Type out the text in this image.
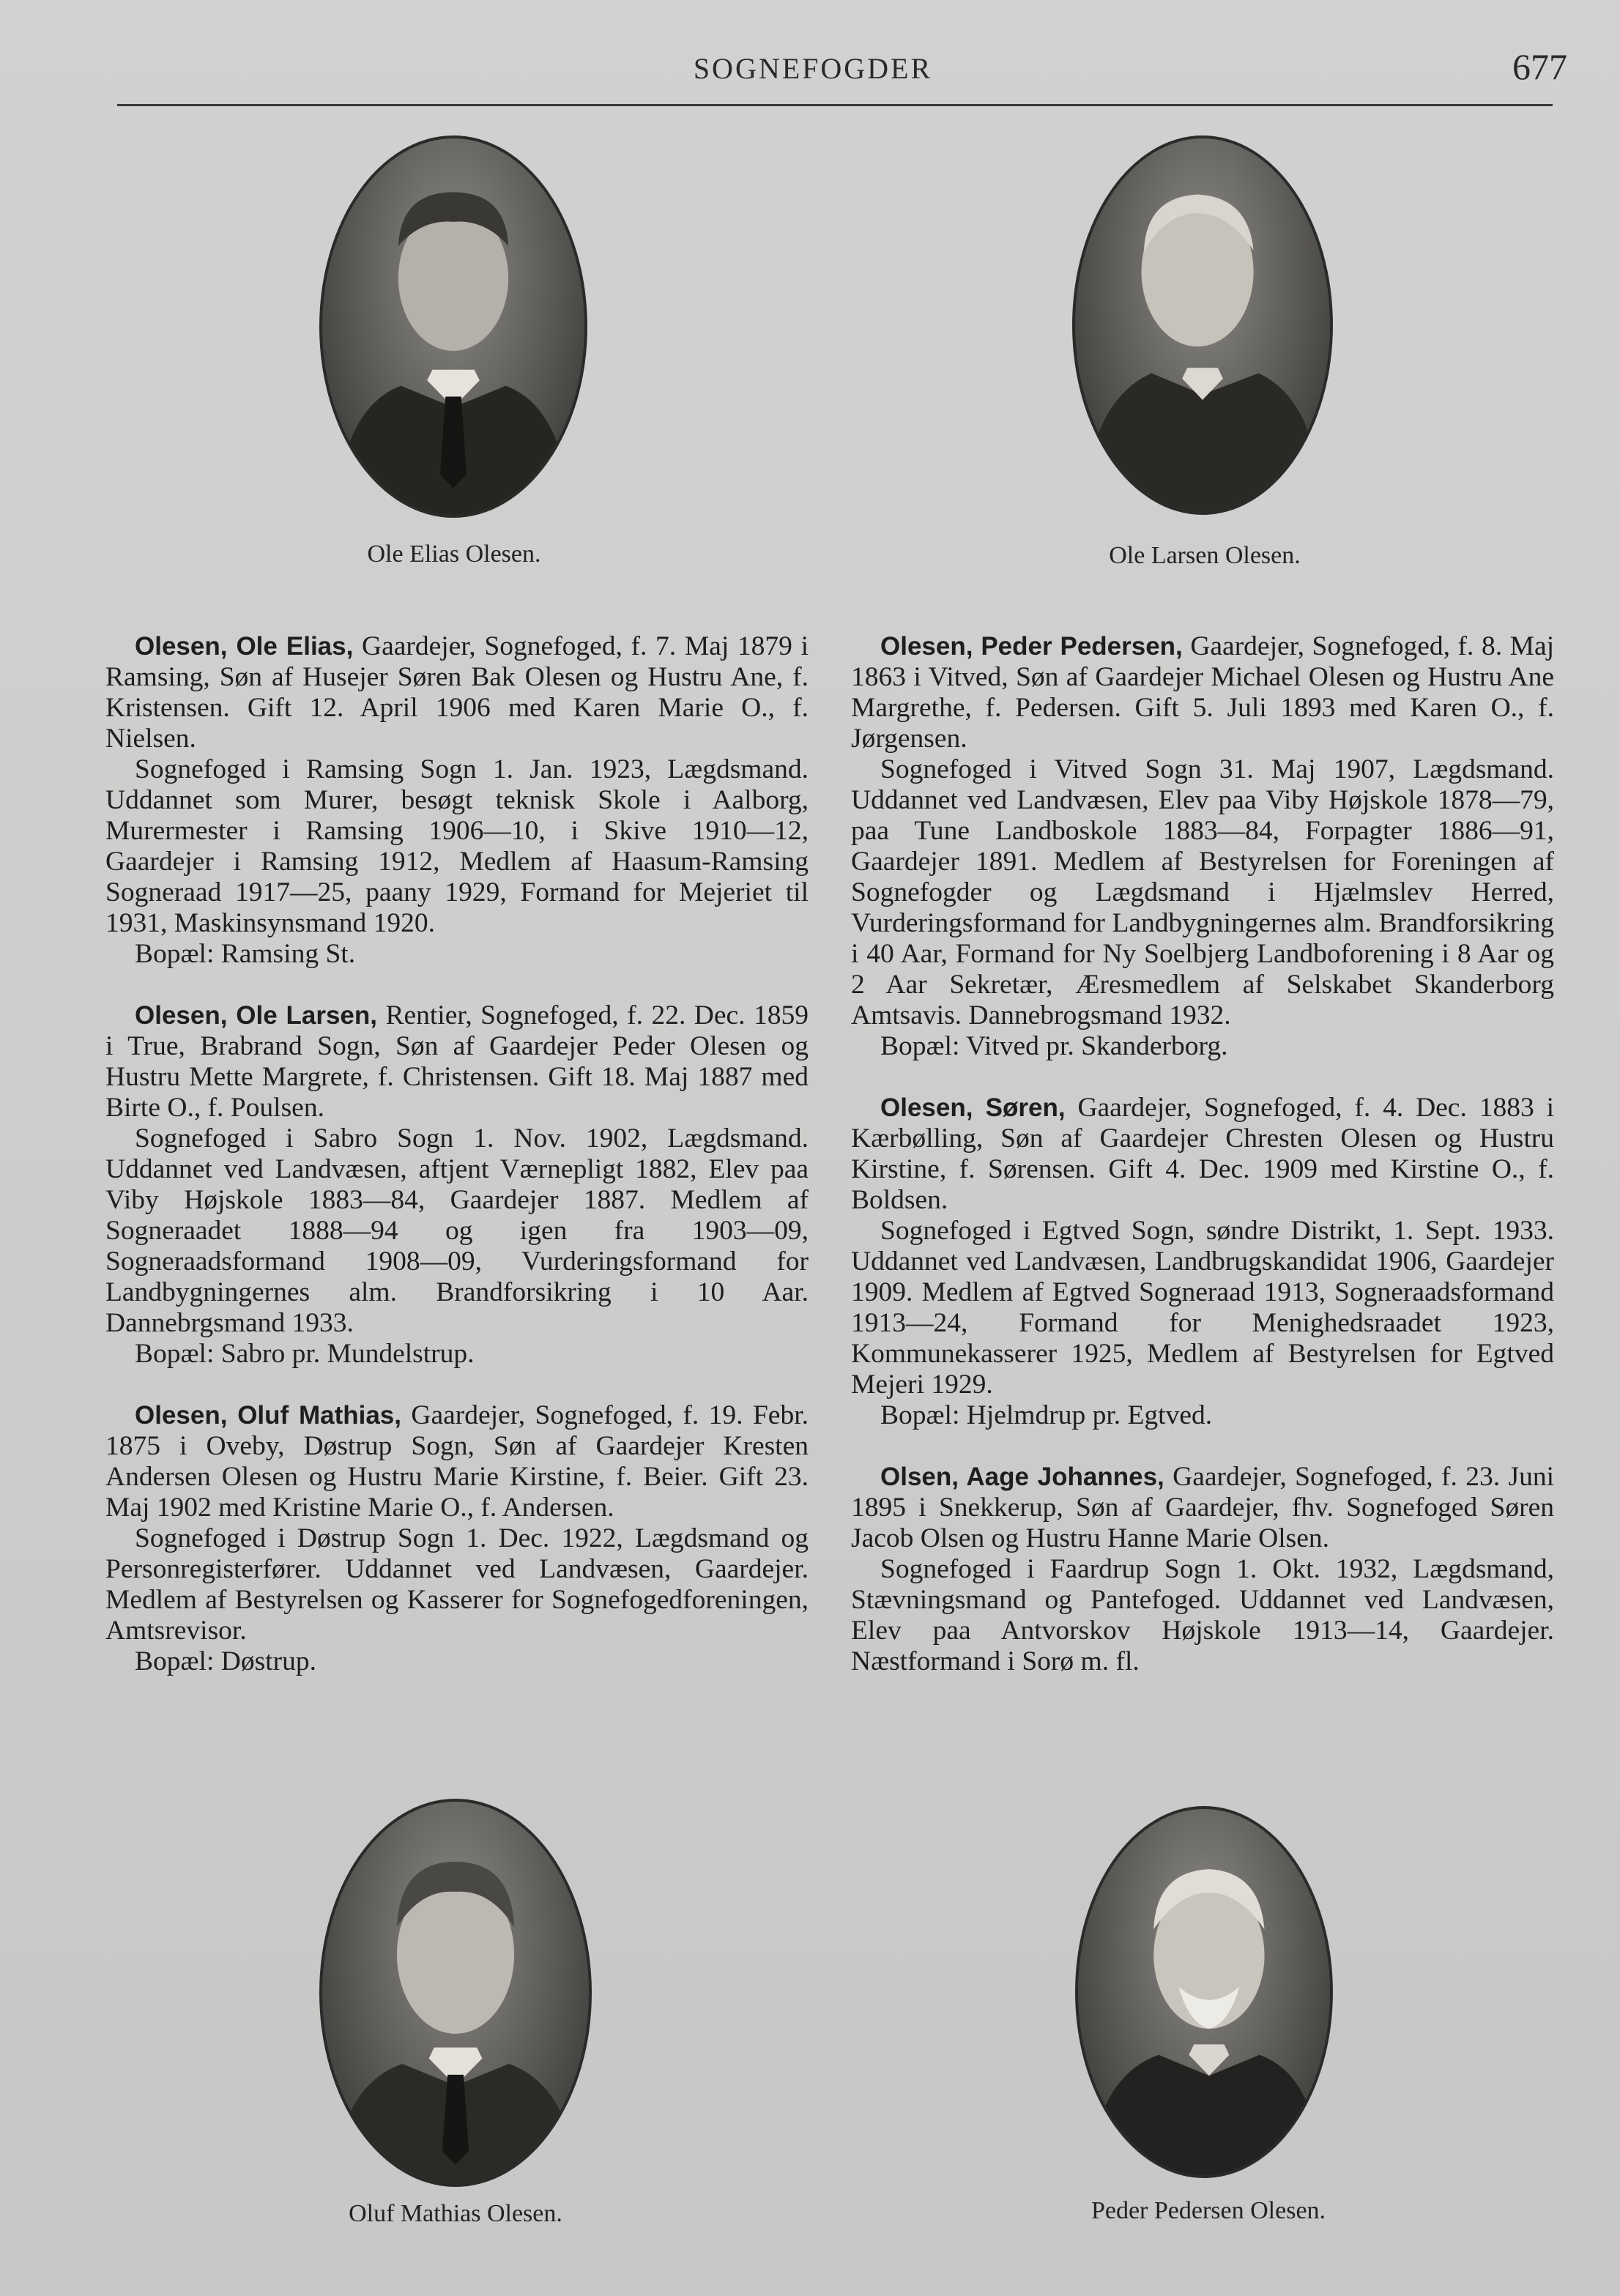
SOGNEFOGDER	677
Ole Elias Olesen.	Ole Larsen Olesen.

Olesen, Ole Elias, Gaardejer, Sognefoged, f. 7. Maj 1879 i Ramsing, Søn af Husejer Søren Bak Olesen og Hustru Ane, f. Kristensen. Gift 12. April 1906 med Karen Marie O., f. Nielsen.

Sognefoged i Ramsing Sogn 1. Jan. 1923, Lægdsmand. Uddannet som Murer, besøgt teknisk Skole i Aalborg, Murermester i Ramsing 1906—10, i Skive 1910—12, Gaardejer i Ramsing 1912, Medlem af Haasum-Ramsing Sogneraad 1917—25, paany 1929, Formand for Mejeriet til 1931, Maskinsynsmand 1920.

Bopæl: Ramsing St.

Olesen, Ole Larsen, Rentier, Sognefoged, f. 22. Dec. 1859 i True, Brabrand Sogn, Søn af Gaardejer Peder Olesen og Hustru Mette Margrete, f. Christensen. Gift 18. Maj 1887 med Birte O., f. Poulsen.

Sognefoged i Sabro Sogn 1. Nov. 1902, Lægdsmand. Uddannet ved Landvæsen, aftjent Værnepligt 1882, Elev paa Viby Højskole 1883—84, Gaardejer 1887. Medlem af Sogneraadet 1888—94 og igen fra 1903—09, Sogneraadsformand 1908—09, Vurderingsformand for Landbygningernes alm. Brandforsikring i 10 Aar. Dannebrgsmand 1933.

Bopæl: Sabro pr. Mundelstrup.

Olesen, Oluf Mathias, Gaardejer, Sognefoged, f. 19. Febr. 1875 i Oveby, Døstrup Sogn, Søn af Gaardejer Kresten Andersen Olesen og Hustru Marie Kirstine, f. Beier. Gift 23. Maj 1902 med Kristine Marie O., f. Andersen.

Sognefoged i Døstrup Sogn 1. Dec. 1922, Lægdsmand og Personregisterfører. Uddannet ved Landvæsen, Gaardejer. Medlem af Bestyrelsen og Kasserer for Sognefogedforeningen, Amtsrevisor.

Bopæl: Døstrup.

Olesen, Peder Pedersen, Gaardejer, Sognefoged, f. 8. Maj 1863 i Vitved, Søn af Gaardejer Michael Olesen og Hustru Ane Margrethe, f. Pedersen. Gift 5. Juli 1893 med Karen O., f. Jørgensen.

Sognefoged i Vitved Sogn 31. Maj 1907, Lægdsmand. Uddannet ved Landvæsen, Elev paa Viby Højskole 1878—79, paa Tune Landboskole 1883—84, Forpagter 1886—91, Gaardejer 1891. Medlem af Bestyrelsen for Foreningen af Sognefogder og Lægdsmand i Hjælmslev Herred, Vurderingsformand for Landbygningernes alm. Brandforsikring i 40 Aar, Formand for Ny Soelbjerg Landboforening i 8 Aar og 2 Aar Sekretær, Æresmedlem af Selskabet Skanderborg Amtsavis. Dannebrogsmand 1932.

Bopæl: Vitved pr. Skanderborg.

Olesen, Søren, Gaardejer, Sognefoged, f. 4. Dec. 1883 i Kærbølling, Søn af Gaardejer Chresten Olesen og Hustru Kirstine, f. Sørensen. Gift 4. Dec. 1909 med Kirstine O., f. Boldsen.

Sognefoged i Egtved Sogn, søndre Distrikt, 1. Sept. 1933. Uddannet ved Landvæsen, Landbrugskandidat 1906, Gaardejer 1909. Medlem af Egtved Sogneraad 1913, Sogneraadsformand 1913—24, Formand for Menighedsraadet 1923, Kommunekasserer 1925, Medlem af Bestyrelsen for Egtved Mejeri 1929.

Bopæl: Hjelmdrup pr. Egtved.

Olsen, Aage Johannes, Gaardejer, Sognefoged, f. 23. Juni 1895 i Snekkerup, Søn af Gaardejer, fhv. Sognefoged Søren Jacob Olsen og Hustru Hanne Marie Olsen.

Sognefoged i Faardrup Sogn 1. Okt. 1932, Lægdsmand, Stævningsmand og Pantefoged. Uddannet ved Landvæsen, Elev paa Antvorskov Højskole 1913—14, Gaardejer. Næstformand i Sorø m. fl.

Oluf Mathias Olesen.	Peder Pedersen Olesen.
